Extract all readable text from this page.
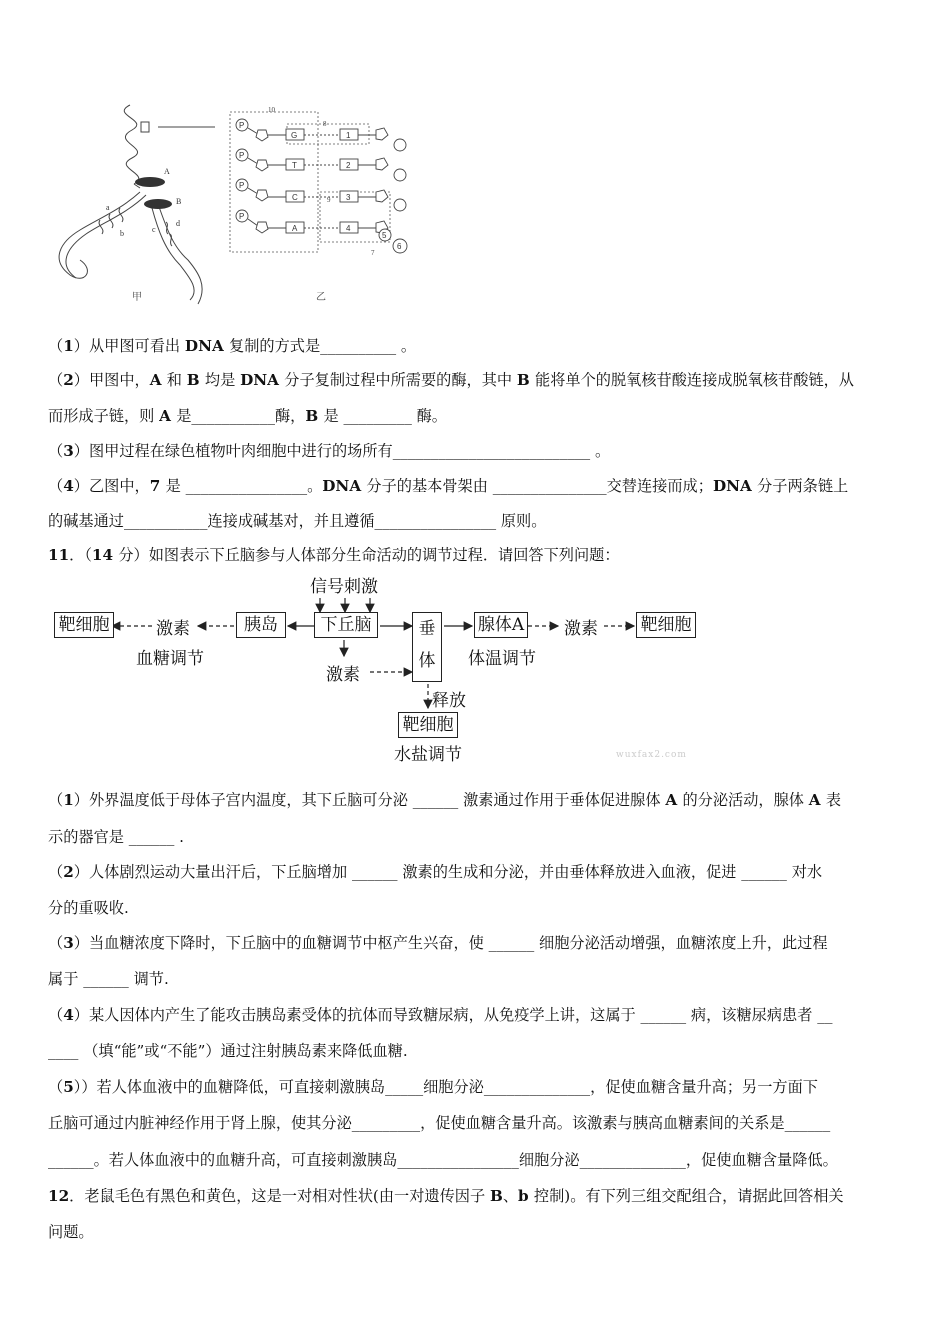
A
B
a
b	c
d
甲
10
8
9
7
P
G	1
P
T	2
P
C	3
P
A	4
5
6
乙
（1）从甲图可看出 DNA 复制的方式是__________ 。
（2）甲图中，A 和 B 均是 DNA 分子复制过程中所需要的酶，其中 B 能将单个的脱氧核苷酸连接成脱氧核苷酸链，从
而形成子链，则 A 是___________酶，B 是 _________ 酶。
（3）图甲过程在绿色植物叶肉细胞中进行的场所有__________________________ 。
（4）乙图中，7 是 ________________。DNA 分子的基本骨架由 _______________交替连接而成；DNA 分子两条链上
的碱基通过___________连接成碱基对，并且遵循________________ 原则。
11．（14 分）如图表示下丘脑参与人体部分生命活动的调节过程．请回答下列问题：
信号刺激
靶细胞	激素
血糖调节
胰岛	下丘脑
激素
垂
体
腺体A
体温调节
激素	靶细胞
释放
靶细胞
水盐调节	wuxfax2.com
（1）外界温度低于母体子宫内温度，其下丘脑可分泌 ______ 激素通过作用于垂体促进腺体 A 的分泌活动，腺体 A 表
示的器官是 ______ .
（2）人体剧烈运动大量出汗后，下丘脑增加 ______ 激素的生成和分泌，并由垂体释放进入血液，促进 ______ 对水
分的重吸收.
（3）当血糖浓度下降时，下丘脑中的血糖调节中枢产生兴奋，使 ______ 细胞分泌活动增强，血糖浓度上升，此过程
属于 ______ 调节.
（4）某人因体内产生了能攻击胰岛素受体的抗体而导致糖尿病，从免疫学上讲，这属于 ______ 病，该糖尿病患者 __
____ （填“能”或“不能”）通过注射胰岛素来降低血糖.
（5））若人体血液中的血糖降低，可直接刺激胰岛_____细胞分泌______________，促使血糖含量升高；另一方面下
丘脑可通过内脏神经作用于肾上腺，使其分泌_________，促使血糖含量升高。该激素与胰高血糖素间的关系是______
______。若人体血液中的血糖升高，可直接刺激胰岛________________细胞分泌______________，促使血糖含量降低。
12．老鼠毛色有黑色和黄色，这是一对相对性状(由一对遗传因子 B、b 控制)。有下列三组交配组合，请据此回答相关
问题。
